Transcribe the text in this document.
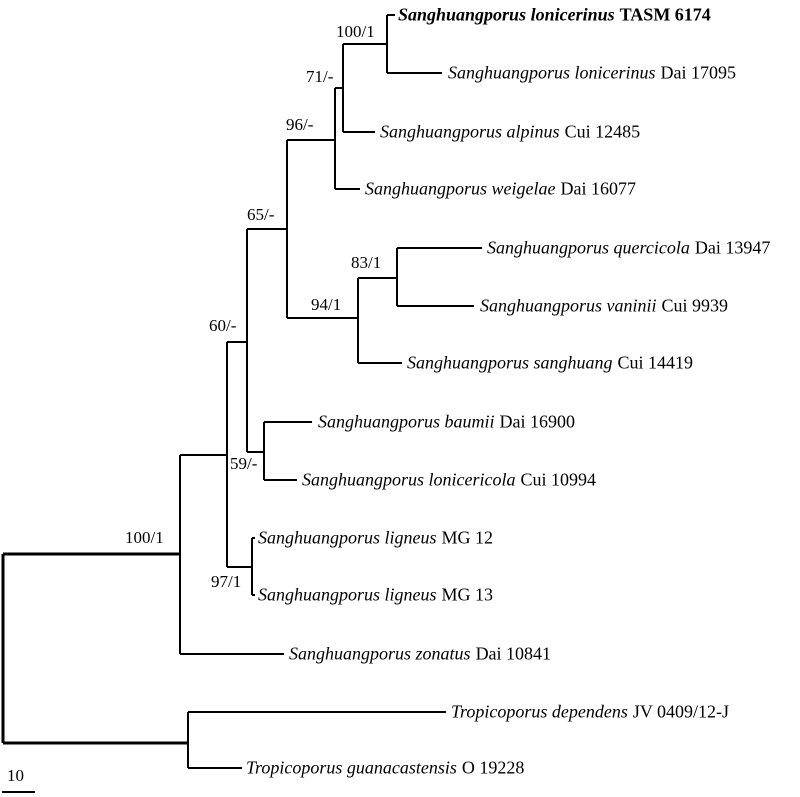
Sanghuangporus lonicerinus TASM 6174
Sanghuangporus lonicerinus Dai 17095
Sanghuangporus alpinus Cui 12485
Sanghuangporus weigelae Dai 16077
Sanghuangporus quercicola Dai 13947
Sanghuangporus vaninii Cui 9939
Sanghuangporus sanghuang Cui 14419
Sanghuangporus baumii Dai 16900
Sanghuangporus lonicericola Cui 10994
Sanghuangporus ligneus MG 12
Sanghuangporus ligneus MG 13
Sanghuangporus zonatus Dai 10841
Tropicoporus dependens JV 0409/12-J
Tropicoporus guanacastensis O 19228
100/1
71/-
96/-
65/-
83/1
94/1
60/-
59/-
97/1
100/1
10
